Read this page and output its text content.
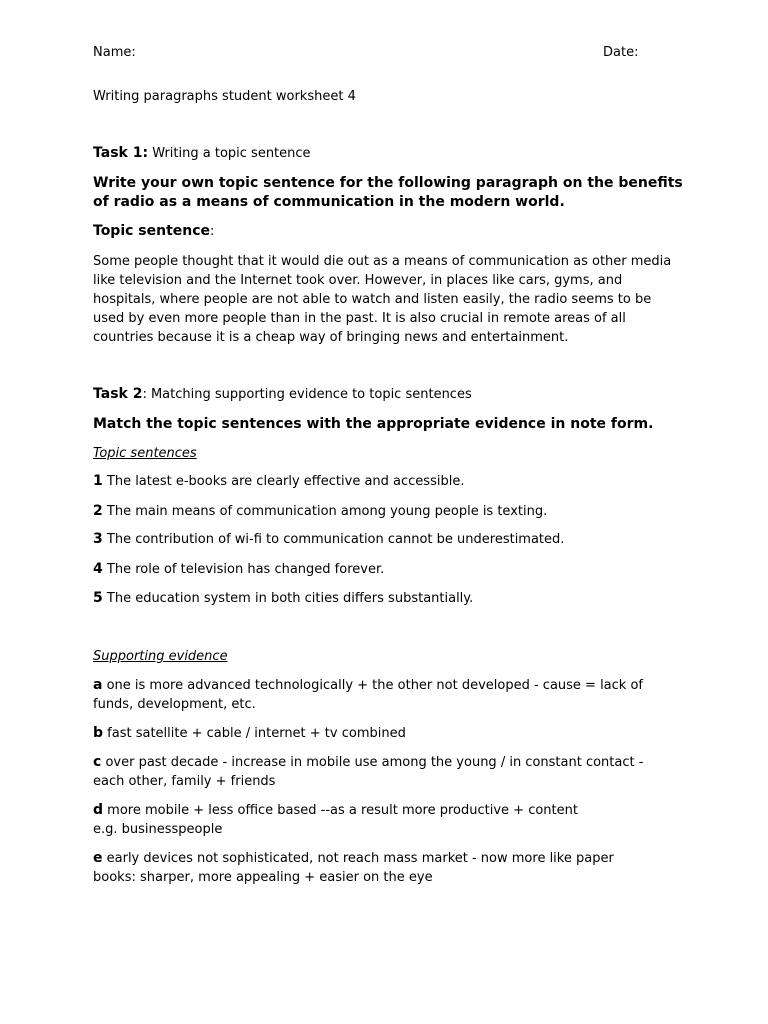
Name:	Date:
Writing paragraphs student worksheet 4
Task 1: Writing a topic sentence
Write your own topic sentence for the following paragraph on the benefits of radio as a means of communication in the modern world.
Topic sentence:
Some people thought that it would die out as a means of communication as other media like television and the Internet took over. However, in places like cars, gyms, and hospitals, where people are not able to watch and listen easily, the radio seems to be used by even more people than in the past. It is also crucial in remote areas of all countries because it is a cheap way of bringing news and entertainment.
Task 2: Matching supporting evidence to topic sentences
Match the topic sentences with the appropriate evidence in note form.
Topic sentences
1 The latest e-books are clearly effective and accessible.
2 The main means of communication among young people is texting.
3 The contribution of wi-fi to communication cannot be underestimated.
4 The role of television has changed forever.
5 The education system in both cities differs substantially.
Supporting evidence
a one is more advanced technologically + the other not developed - cause = lack of funds, development, etc.
b fast satellite + cable / internet + tv combined
c over past decade - increase in mobile use among the young / in constant contact - each other, family + friends
d more mobile + less office based --as a result more productive + content e.g. businesspeople
e early devices not sophisticated, not reach mass market - now more like paper books: sharper, more appealing + easier on the eye
